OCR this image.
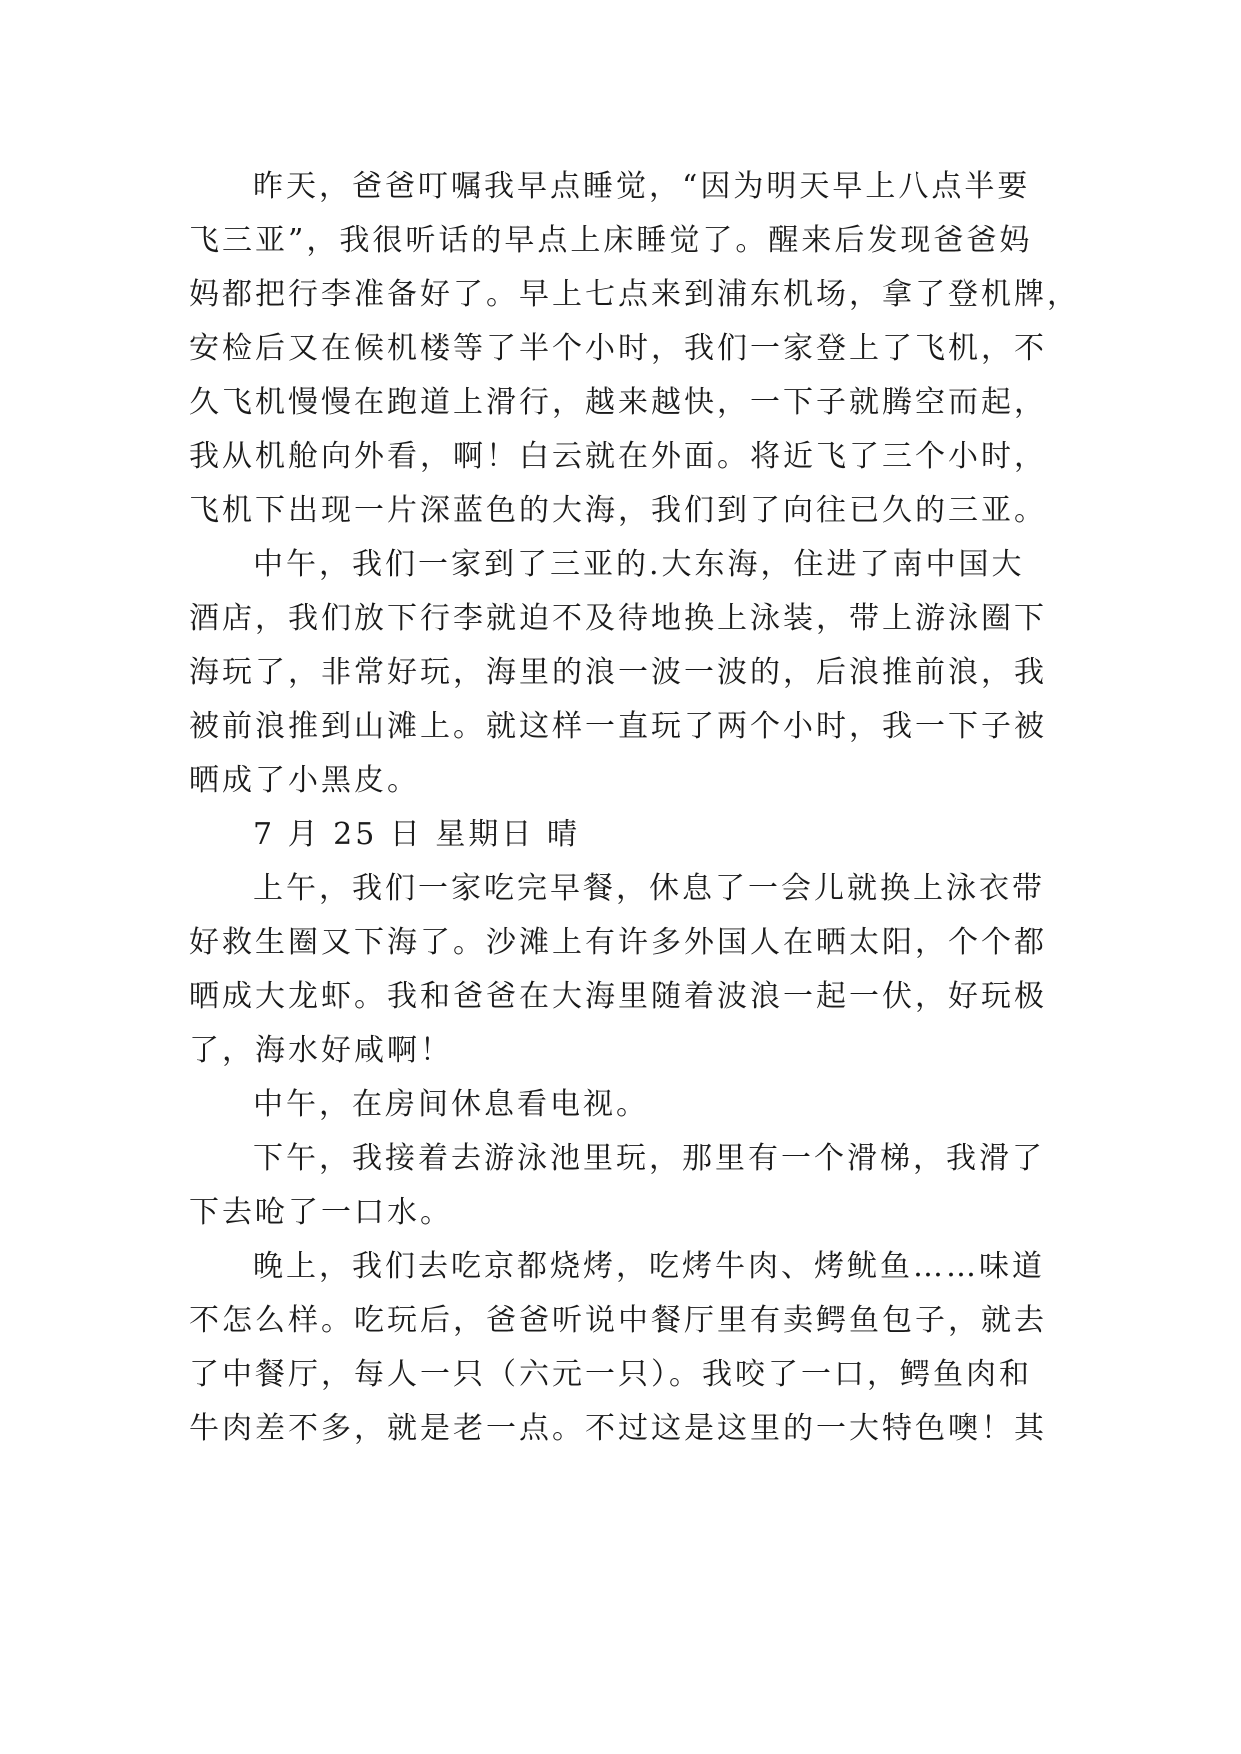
昨天，爸爸叮嘱我早点睡觉，“因为明天早上八点半要
飞三亚”，我很听话的早点上床睡觉了。醒来后发现爸爸妈
妈都把行李准备好了。早上七点来到浦东机场，拿了登机牌，
安检后又在候机楼等了半个小时，我们一家登上了飞机，不
久飞机慢慢在跑道上滑行，越来越快，一下子就腾空而起，
我从机舱向外看，啊！白云就在外面。将近飞了三个小时，
飞机下出现一片深蓝色的大海，我们到了向往已久的三亚。
中午，我们一家到了三亚的.大东海，住进了南中国大
酒店，我们放下行李就迫不及待地换上泳装，带上游泳圈下
海玩了，非常好玩，海里的浪一波一波的，后浪推前浪，我
被前浪推到山滩上。就这样一直玩了两个小时，我一下子被
晒成了小黑皮。
7 月 25 日 星期日 晴
上午，我们一家吃完早餐，休息了一会儿就换上泳衣带
好救生圈又下海了。沙滩上有许多外国人在晒太阳，个个都
晒成大龙虾。我和爸爸在大海里随着波浪一起一伏，好玩极
了，海水好咸啊！
中午，在房间休息看电视。
下午，我接着去游泳池里玩，那里有一个滑梯，我滑了
下去呛了一口水。
晚上，我们去吃京都烧烤，吃烤牛肉、烤鱿鱼……味道
不怎么样。吃玩后，爸爸听说中餐厅里有卖鳄鱼包子，就去
了中餐厅，每人一只（六元一只）。我咬了一口，鳄鱼肉和
牛肉差不多，就是老一点。不过这是这里的一大特色噢！其
